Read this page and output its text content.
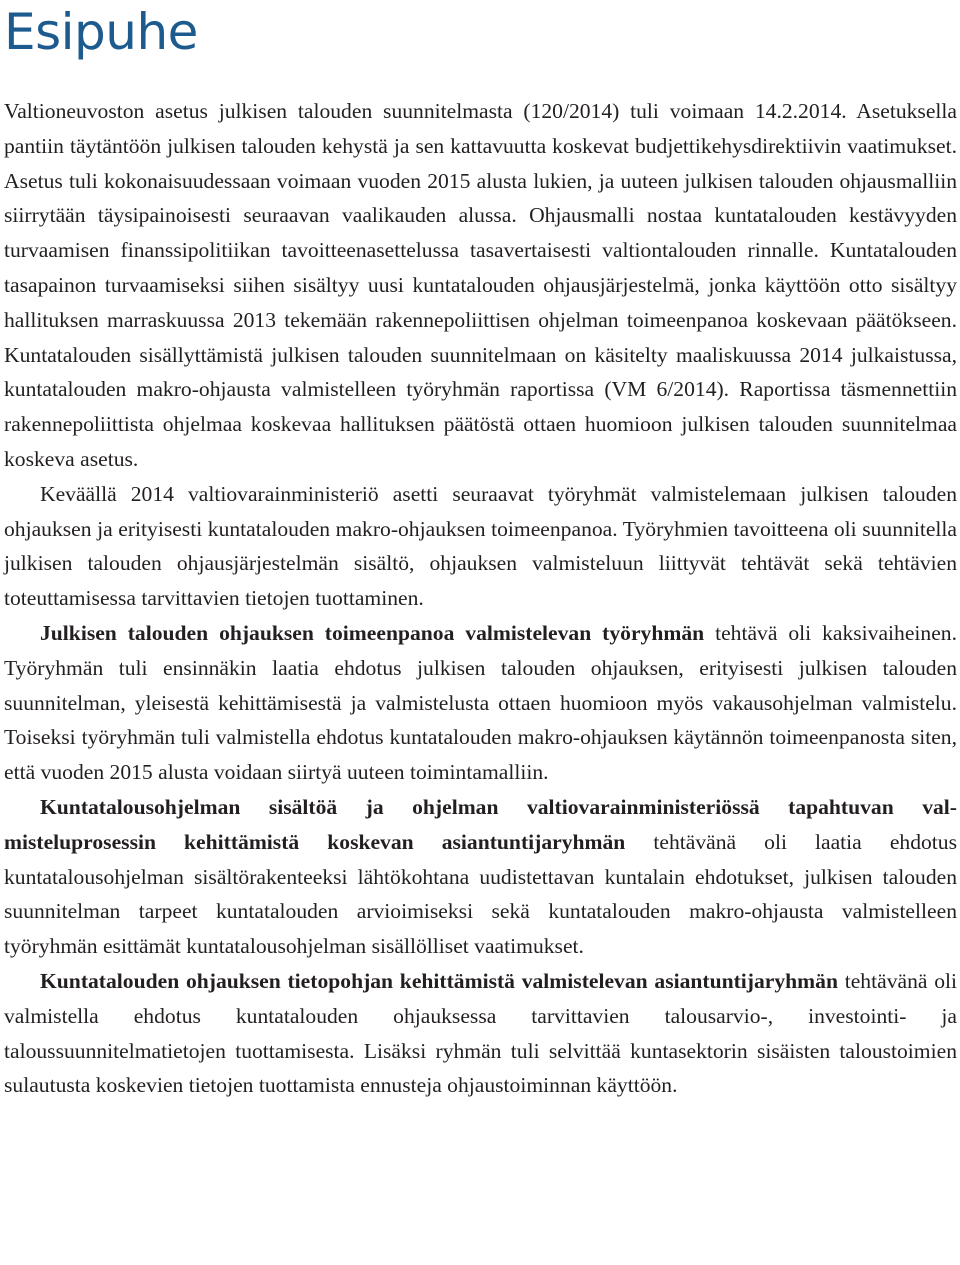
Esipuhe

Valtioneuvoston asetus julkisen talouden suunnitelmasta (120/2014) tuli voimaan 14.2.2014. Asetuksella pantiin täytäntöön julkisen talouden kehystä ja sen kattavuutta koskevat budjettikehysdirektiivin vaatimukset. Asetus tuli kokonaisuudessaan voimaan vuoden 2015 alusta lukien, ja uuteen julkisen talouden ohjausmalliin siirrytään täysipainoisesti seuraavan vaalikauden alussa. Ohjausmalli nostaa kuntatalouden kestävyyden turvaamisen finanssipolitiikan tavoitteenasettelussa tasavertaisesti valtiontalouden rinnalle. Kuntatalouden tasapainon turvaamiseksi siihen sisältyy uusi kuntatalouden ohjausjärjestelmä, jonka käyttöön otto sisältyy hallituksen marraskuussa 2013 tekemään rakennepoliittisen ohjelman toimeenpanoa koskevaan päätökseen. Kuntatalouden sisällyttämistä julkisen talouden suunnitelmaan on käsitelty maaliskuussa 2014 julkaistussa, kuntatalouden makro-ohjausta valmistelleen työryhmän raportissa (VM 6/2014). Raportissa täsmennettiin rakennepoliittista ohjelmaa koskevaa hallituksen päätöstä ottaen huomioon julkisen talouden suunnitelmaa koskeva asetus.

Keväällä 2014 valtiovarainministeriö asetti seuraavat työryhmät valmistelemaan julkisen talouden ohjauksen ja erityisesti kuntatalouden makro-ohjauksen toimeenpanoa. Työryhmien tavoitteena oli suunnitella julkisen talouden ohjausjärjestelmän sisältö, ohjauksen valmisteluun liittyvät tehtävät sekä tehtävien toteuttamisessa tarvittavien tietojen tuottaminen.

Julkisen talouden ohjauksen toimeenpanoa valmistelevan työryhmän tehtävä oli kaksivaiheinen. Työryhmän tuli ensinnäkin laatia ehdotus julkisen talouden ohjauksen, erityisesti julkisen talouden suunnitelman, yleisestä kehittämisestä ja valmistelusta ottaen huomioon myös vakausohjelman valmistelu. Toiseksi työryhmän tuli valmistella ehdotus kuntatalouden makro-ohjauksen käytännön toimeenpanosta siten, että vuoden 2015 alusta voidaan siirtyä uuteen toimintamalliin.

Kuntatalousohjelman sisältöä ja ohjelman valtiovarainministeriössä tapahtuvan valmisteluprosessin kehittämistä koskevan asiantuntijaryhmän tehtävänä oli laatia ehdotus kuntatalousohjelman sisältörakenteeksi lähtökohtana uudistettavan kuntalain ehdotukset, julkisen talouden suunnitelman tarpeet kuntatalouden arvioimiseksi sekä kuntatalouden makro-ohjausta valmistelleen työryhmän esittämät kuntatalousohjelman sisällölliset vaatimukset.

Kuntatalouden ohjauksen tietopohjan kehittämistä valmistelevan asiantuntijaryhmän tehtävänä oli valmistella ehdotus kuntatalouden ohjauksessa tarvittavien talousarvio-, investointi- ja taloussuunnitelmatietojen tuottamisesta. Lisäksi ryhmän tuli selvittää kuntasektorin sisäisten taloustoimien sulautusta koskevien tietojen tuottamista ennusteja ohjaustoiminnan käyttöön.
